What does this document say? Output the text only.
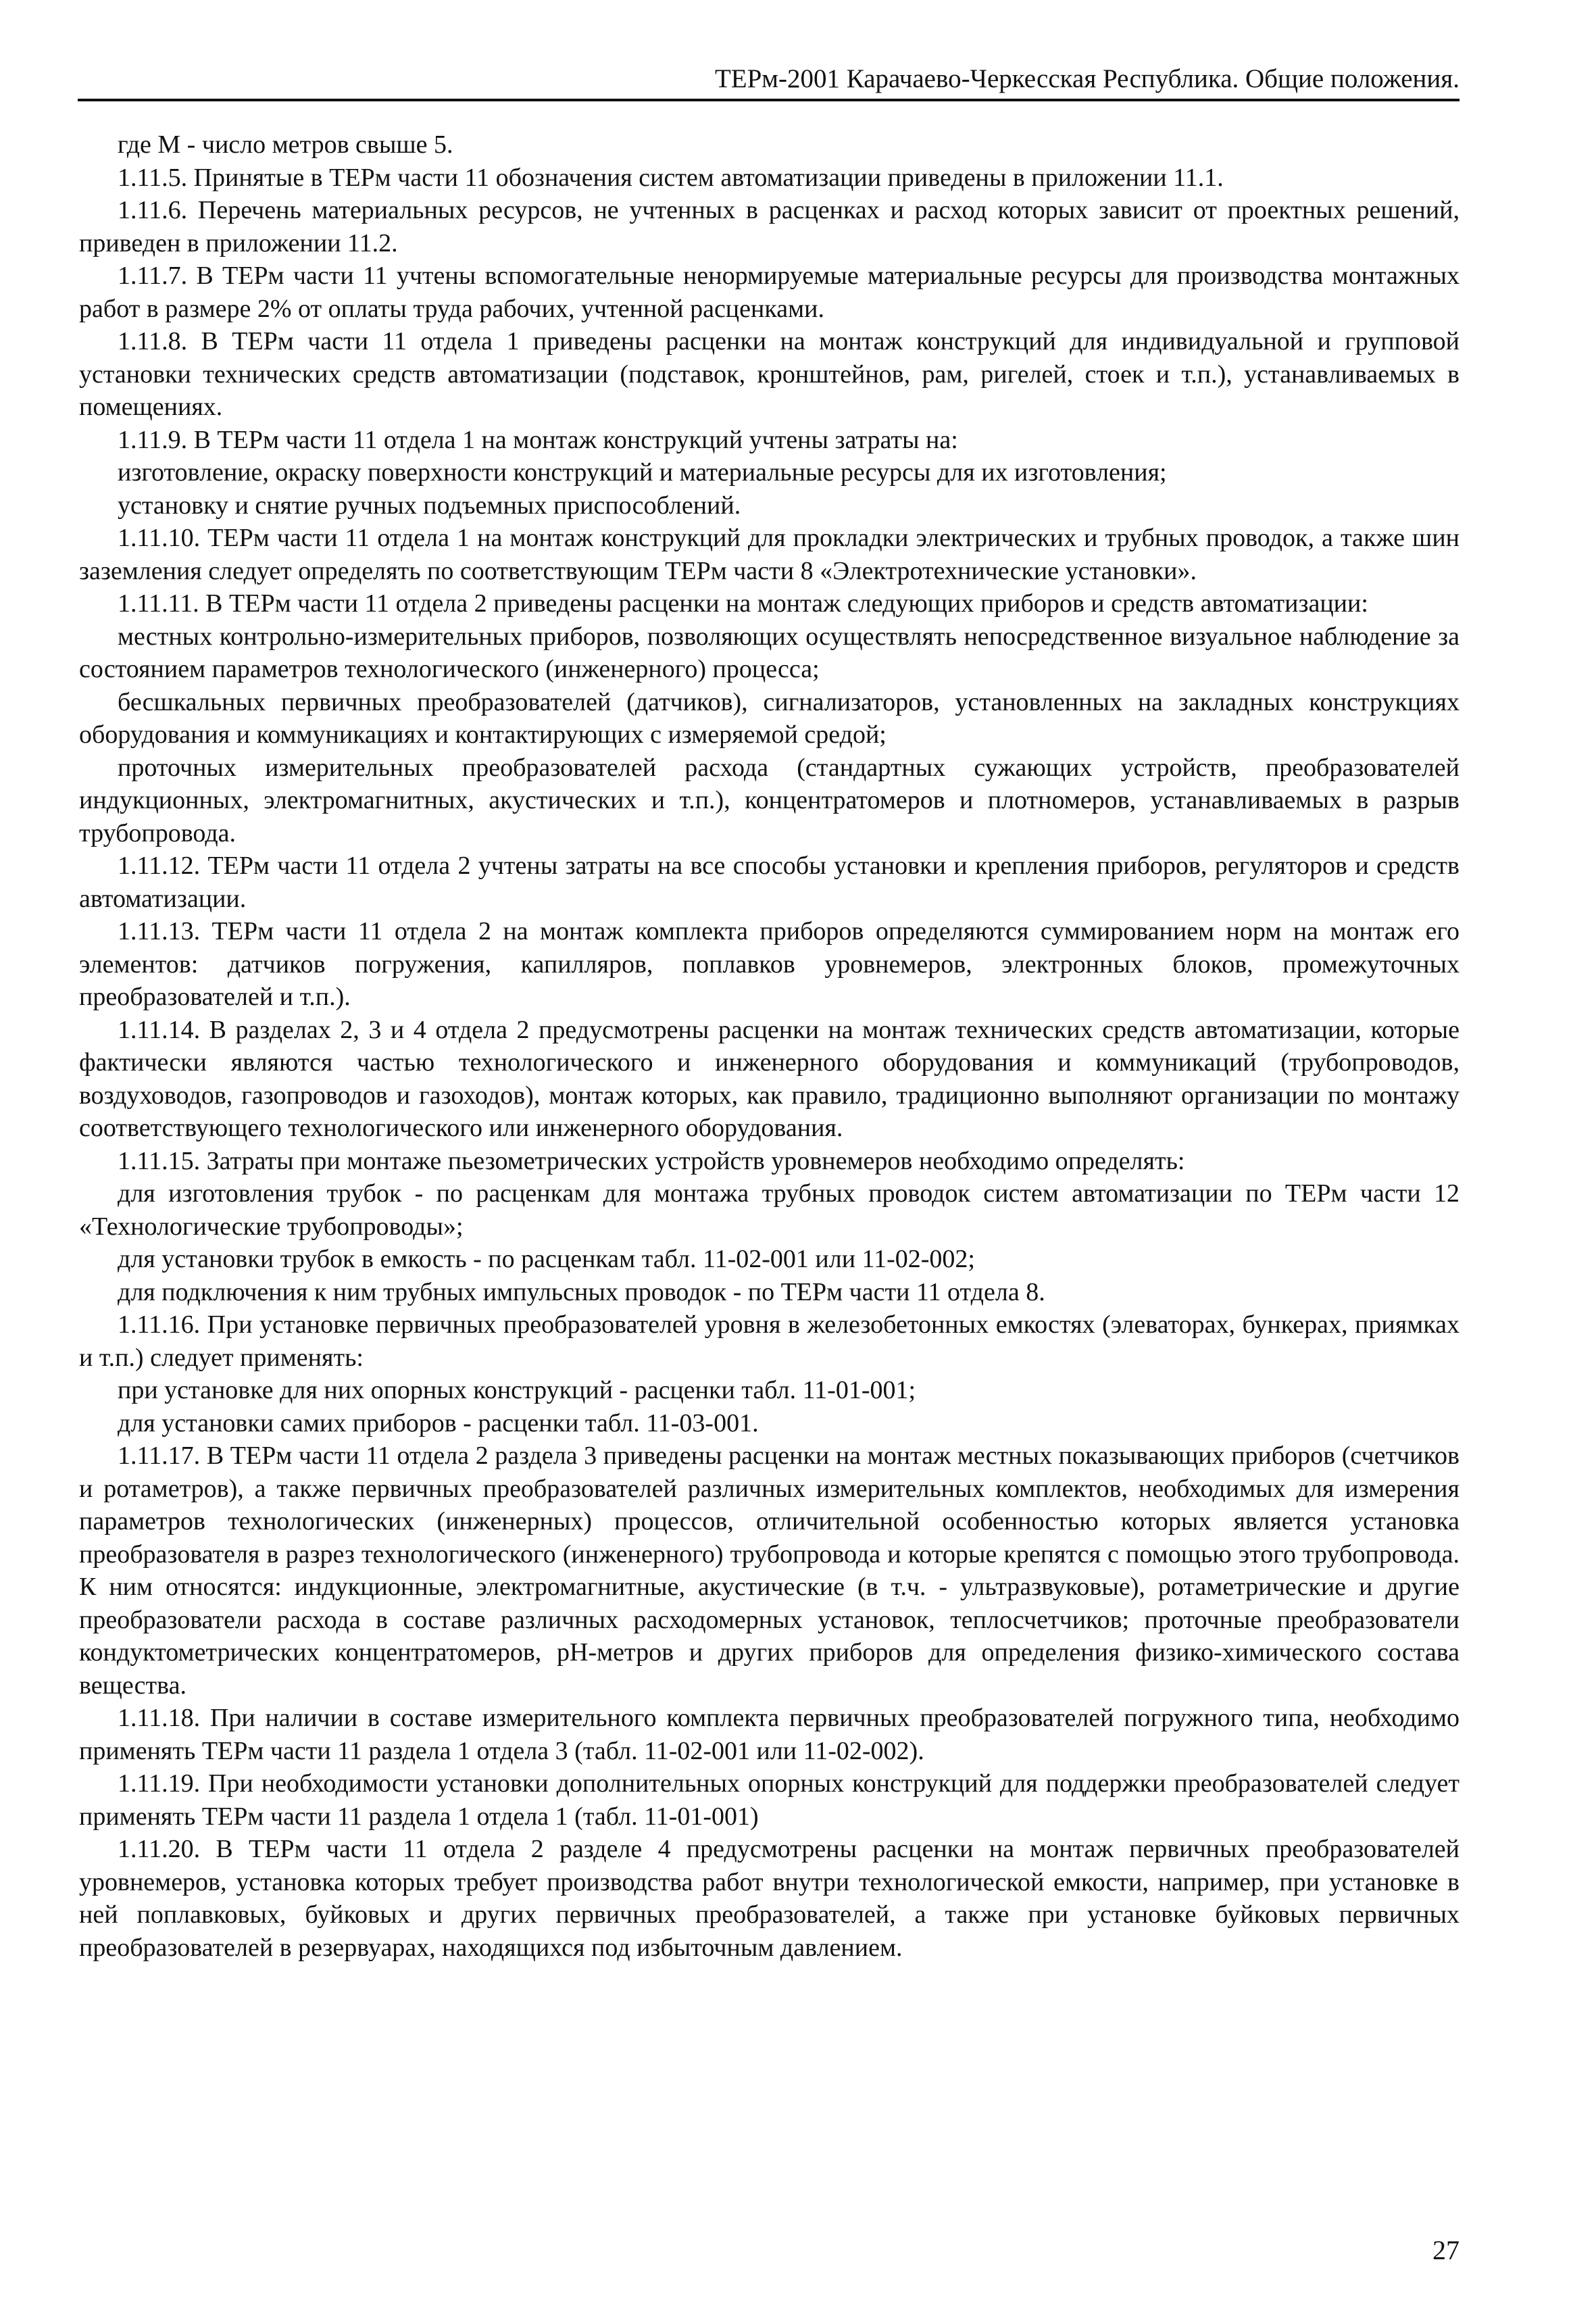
ТЕРм-2001 Карачаево-Черкесская Республика. Общие положения.

где М - число метров свыше 5.

1.11.5. Принятые в ТЕРм части 11 обозначения систем автоматизации приведены в приложении 11.1.

1.11.6. Перечень материальных ресурсов, не учтенных в расценках и расход которых зависит от проектных решений, приведен в приложении 11.2.

1.11.7. В ТЕРм части 11 учтены вспомогательные ненормируемые материальные ресурсы для производства монтажных работ в размере 2% от оплаты труда рабочих, учтенной расценками.

1.11.8. В ТЕРм части 11 отдела 1 приведены расценки на монтаж конструкций для индивидуальной и групповой установки технических средств автоматизации (подставок, кронштейнов, рам, ригелей, стоек и т.п.), устанавливаемых в помещениях.

1.11.9. В ТЕРм части 11 отдела 1 на монтаж конструкций учтены затраты на:

изготовление, окраску поверхности конструкций и материальные ресурсы для их изготовления;

установку и снятие ручных подъемных приспособлений.

1.11.10. ТЕРм части 11 отдела 1 на монтаж конструкций для прокладки электрических и трубных проводок, а также шин заземления следует определять по соответствующим ТЕРм части 8 «Электротехнические установки».

1.11.11. В ТЕРм части 11 отдела 2 приведены расценки на монтаж следующих приборов и средств автоматизации:

местных контрольно-измерительных приборов, позволяющих осуществлять непосредственное визуальное наблюдение за состоянием параметров технологического (инженерного) процесса;

бесшкальных первичных преобразователей (датчиков), сигнализаторов, установленных на закладных конструкциях оборудования и коммуникациях и контактирующих с измеряемой средой;

проточных измерительных преобразователей расхода (стандартных сужающих устройств, преобразователей индукционных, электромагнитных, акустических и т.п.), концентратомеров и плотномеров, устанавливаемых в разрыв трубопровода.

1.11.12. ТЕРм части 11 отдела 2 учтены затраты на все способы установки и крепления приборов, регуляторов и средств автоматизации.

1.11.13. ТЕРм части 11 отдела 2 на монтаж комплекта приборов определяются суммированием норм на монтаж его элементов: датчиков погружения, капилляров, поплавков уровнемеров, электронных блоков, промежуточных преобразователей и т.п.).

1.11.14. В разделах 2, 3 и 4 отдела 2 предусмотрены расценки на монтаж технических средств автоматизации, которые фактически являются частью технологического и инженерного оборудования и коммуникаций (трубопроводов, воздуховодов, газопроводов и газоходов), монтаж которых, как правило, традиционно выполняют организации по монтажу соответствующего технологического или инженерного оборудования.

1.11.15. Затраты при монтаже пьезометрических устройств уровнемеров необходимо определять:

для изготовления трубок - по расценкам для монтажа трубных проводок систем автоматизации по ТЕРм части 12 «Технологические трубопроводы»;

для установки трубок в емкость - по расценкам табл. 11-02-001 или 11-02-002;

для подключения к ним трубных импульсных проводок - по ТЕРм части 11 отдела 8.

1.11.16. При установке первичных преобразователей уровня в железобетонных емкостях (элеваторах, бункерах, приямках и т.п.) следует применять:

при установке для них опорных конструкций - расценки табл. 11-01-001;

для установки самих приборов - расценки табл. 11-03-001.

1.11.17. В ТЕРм части 11 отдела 2 раздела 3 приведены расценки на монтаж местных показывающих приборов (счетчиков и ротаметров), а также первичных преобразователей различных измерительных комплектов, необходимых для измерения параметров технологических (инженерных) процессов, отличительной особенностью которых является установка преобразователя в разрез технологического (инженерного) трубопровода и которые крепятся с помощью этого трубопровода. К ним относятся: индукционные, электромагнитные, акустические (в т.ч. - ультразвуковые), ротаметрические и другие преобразователи расхода в составе различных расходомерных установок, теплосчетчиков; проточные преобразователи кондуктометрических концентратомеров, рН-метров и других приборов для определения физико-химического состава вещества.

1.11.18. При наличии в составе измерительного комплекта первичных преобразователей погружного типа, необходимо применять ТЕРм части 11 раздела 1 отдела 3 (табл. 11-02-001 или 11-02-002).

1.11.19. При необходимости установки дополнительных опорных конструкций для поддержки преобразователей следует применять ТЕРм части 11 раздела 1 отдела 1 (табл. 11-01-001)

1.11.20. В ТЕРм части 11 отдела 2 разделе 4 предусмотрены расценки на монтаж первичных преобразователей уровнемеров, установка которых требует производства работ внутри технологической емкости, например, при установке в ней поплавковых, буйковых и других первичных преобразователей, а также при установке буйковых первичных преобразователей в резервуарах, находящихся под избыточным давлением.

27
